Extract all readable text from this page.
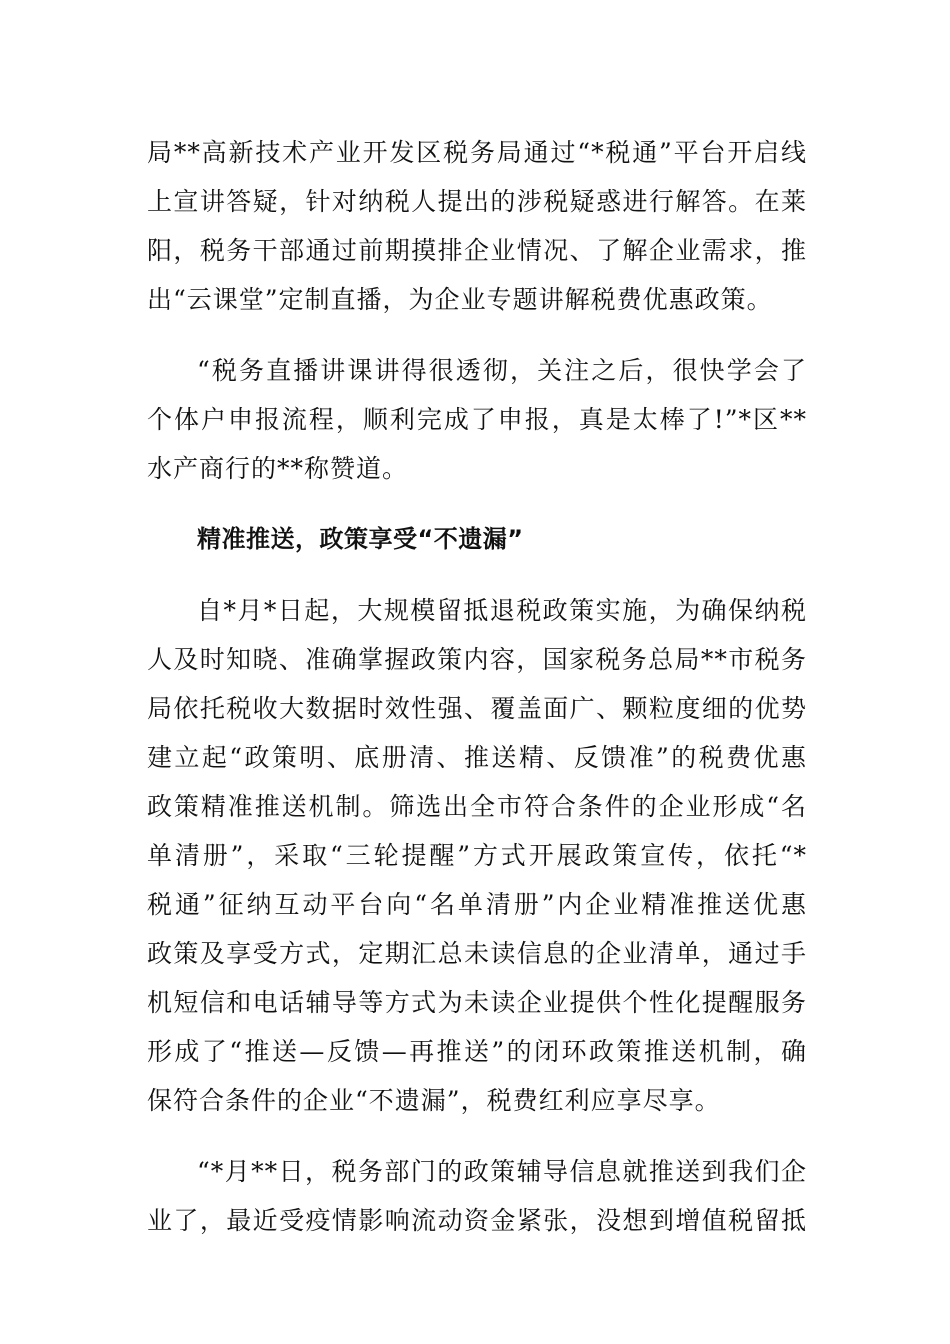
局**高新技术产业开发区税务局通过“*税通”平台开启线
上宣讲答疑，针对纳税人提出的涉税疑惑进行解答。在莱
阳，税务干部通过前期摸排企业情况、了解企业需求，推
出“云课堂”定制直播，为企业专题讲解税费优惠政策。
“税务直播讲课讲得很透彻，关注之后，很快学会了
个体户申报流程，顺利完成了申报，真是太棒了!”*区**
水产商行的**称赞道。
精准推送，政策享受“不遗漏”
自*月*日起，大规模留抵退税政策实施，为确保纳税
人及时知晓、准确掌握政策内容，国家税务总局**市税务
局依托税收大数据时效性强、覆盖面广、颗粒度细的优势
建立起“政策明、底册清、推送精、反馈准”的税费优惠
政策精准推送机制。筛选出全市符合条件的企业形成“名
单清册”，采取“三轮提醒”方式开展政策宣传，依托“*
税通”征纳互动平台向“名单清册”内企业精准推送优惠
政策及享受方式，定期汇总未读信息的企业清单，通过手
机短信和电话辅导等方式为未读企业提供个性化提醒服务
形成了“推送—反馈—再推送”的闭环政策推送机制，确
保符合条件的企业“不遗漏”，税费红利应享尽享。
“*月**日，税务部门的政策辅导信息就推送到我们企
业了，最近受疫情影响流动资金紧张，没想到增值税留抵
